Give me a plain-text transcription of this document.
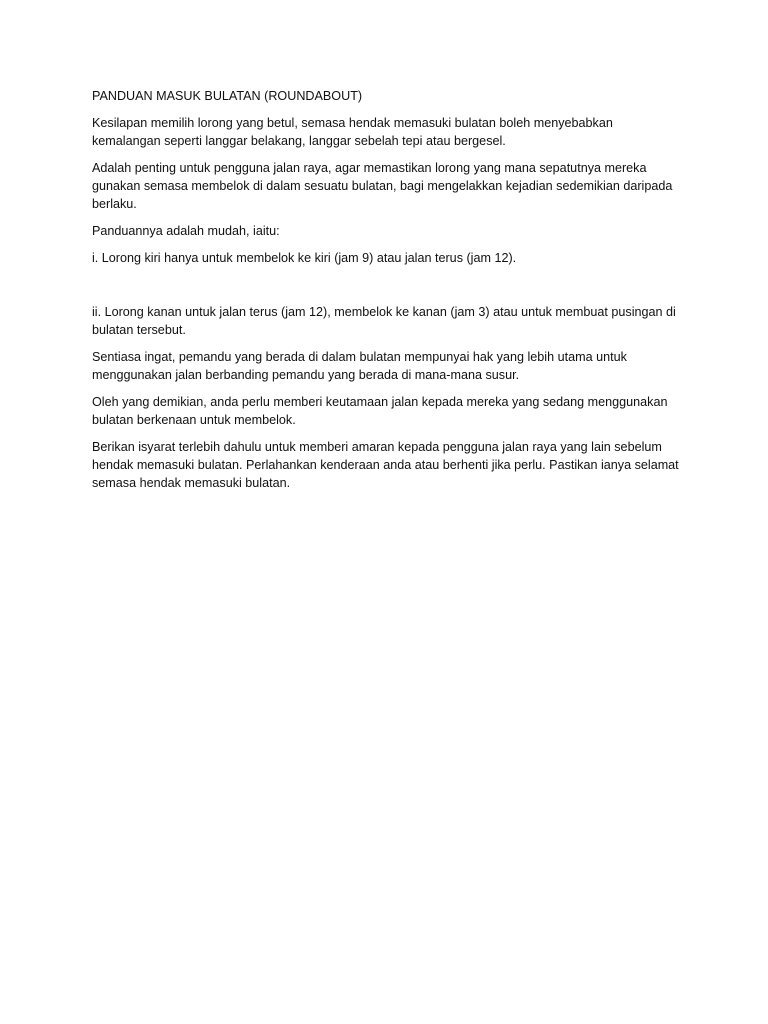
PANDUAN MASUK BULATAN (ROUNDABOUT)

Kesilapan memilih lorong yang betul, semasa hendak memasuki bulatan boleh menyebabkan kemalangan seperti langgar belakang, langgar sebelah tepi atau bergesel.

Adalah penting untuk pengguna jalan raya, agar memastikan lorong yang mana sepatutnya mereka gunakan semasa membelok di dalam sesuatu bulatan, bagi mengelakkan kejadian sedemikian daripada berlaku.

Panduannya adalah mudah, iaitu:

i. Lorong kiri hanya untuk membelok ke kiri (jam 9) atau jalan terus (jam 12).

ii. Lorong kanan untuk jalan terus (jam 12), membelok ke kanan (jam 3) atau untuk membuat pusingan di bulatan tersebut.

Sentiasa ingat, pemandu yang berada di dalam bulatan mempunyai hak yang lebih utama untuk menggunakan jalan berbanding pemandu yang berada di mana-mana susur.

Oleh yang demikian, anda perlu memberi keutamaan jalan kepada mereka yang sedang menggunakan bulatan berkenaan untuk membelok.

Berikan isyarat terlebih dahulu untuk memberi amaran kepada pengguna jalan raya yang lain sebelum hendak memasuki bulatan. Perlahankan kenderaan anda atau berhenti jika perlu. Pastikan ianya selamat semasa hendak memasuki bulatan.
